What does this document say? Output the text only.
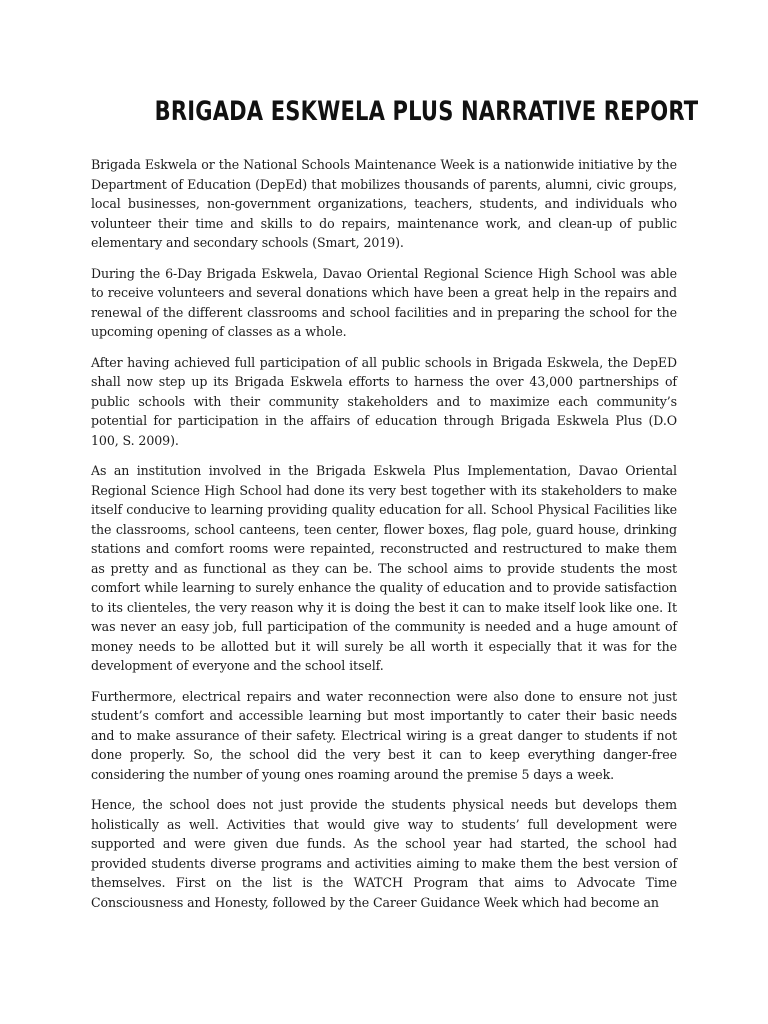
BRIGADA ESKWELA PLUS NARRATIVE REPORT

Brigada Eskwela or the National Schools Maintenance Week is a nationwide initiative by the Department of Education (DepEd) that mobilizes thousands of parents, alumni, civic groups, local businesses, non-government organizations, teachers, students, and individuals who volunteer their time and skills to do repairs, maintenance work, and clean-up of public elementary and secondary schools (Smart, 2019).

During the 6-Day Brigada Eskwela, Davao Oriental Regional Science High School was able to receive volunteers and several donations which have been a great help in the repairs and renewal of the different classrooms and school facilities and in preparing the school for the upcoming opening of classes as a whole.

After having achieved full participation of all public schools in Brigada Eskwela, the DepED shall now step up its Brigada Eskwela efforts to harness the over 43,000 partnerships of public schools with their community stakeholders and to maximize each community’s potential for participation in the affairs of education through Brigada Eskwela Plus (D.O 100, S. 2009).

As an institution involved in the Brigada Eskwela Plus Implementation, Davao Oriental Regional Science High School had done its very best together with its stakeholders to make itself conducive to learning providing quality education for all. School Physical Facilities like the classrooms, school canteens, teen center, flower boxes, flag pole, guard house, drinking stations and comfort rooms were repainted, reconstructed and restructured to make them as pretty and as functional as they can be. The school aims to provide students the most comfort while learning to surely enhance the quality of education and to provide satisfaction to its clienteles, the very reason why it is doing the best it can to make itself look like one. It was never an easy job, full participation of the community is needed and a huge amount of money needs to be allotted but it will surely be all worth it especially that it was for the development of everyone and the school itself.

Furthermore, electrical repairs and water reconnection were also done to ensure not just student’s comfort and accessible learning but most importantly to cater their basic needs and to make assurance of their safety. Electrical wiring is a great danger to students if not done properly. So, the school did the very best it can to keep everything danger-free considering the number of young ones roaming around the premise 5 days a week.

Hence, the school does not just provide the students physical needs but develops them holistically as well. Activities that would give way to students’ full development were supported and were given due funds. As the school year had started, the school had provided students diverse programs and activities aiming to make them the best version of themselves. First on the list is the WATCH Program that aims to Advocate Time Consciousness and Honesty, followed by the Career Guidance Week which had become an
